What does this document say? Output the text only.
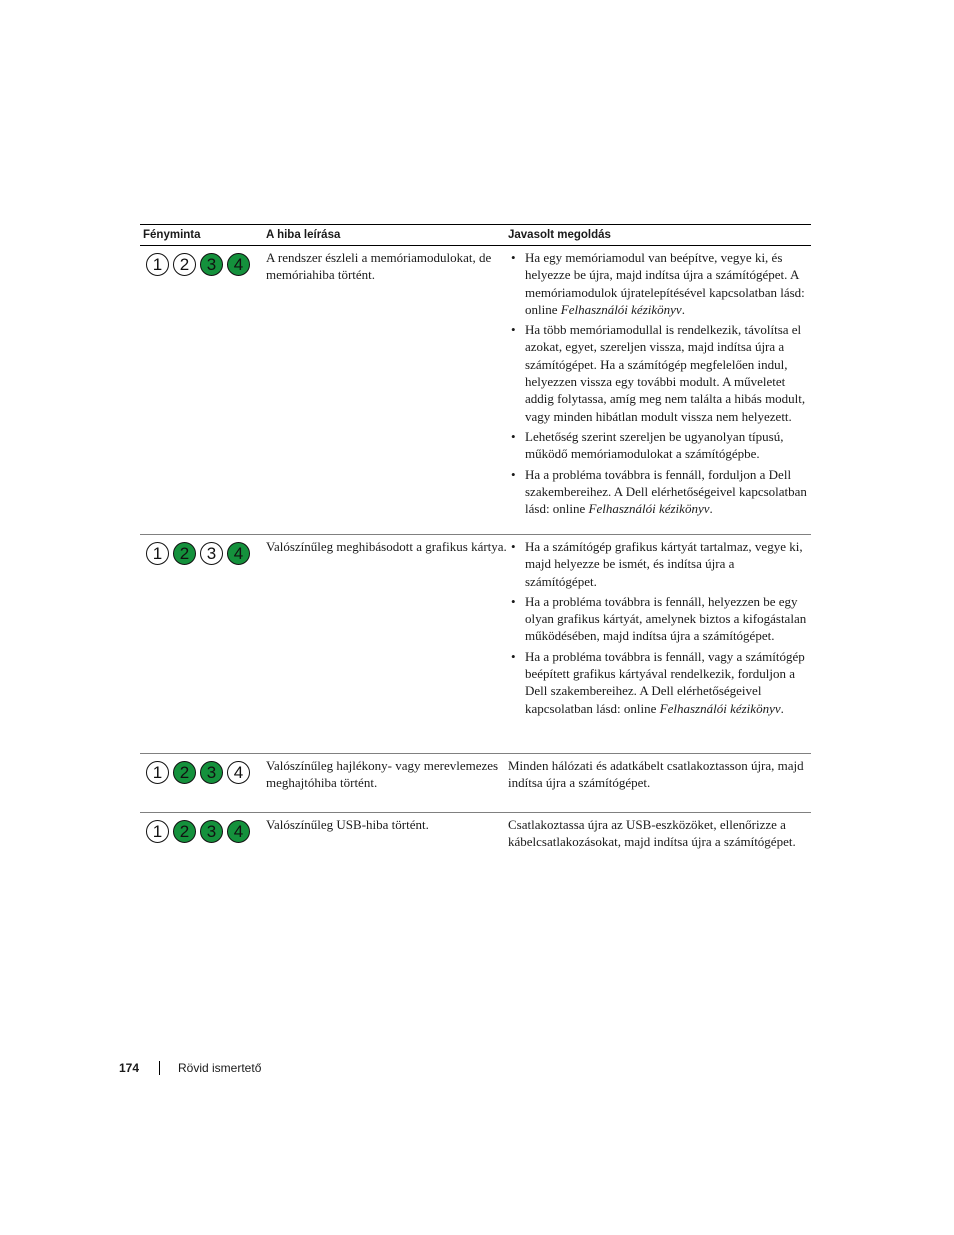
Fényminta	A hiba leírása	Javasolt megoldás
1	2	3	4	A rendszer észleli a memóriamodulokat, de memóriahiba történt.
• Ha egy memóriamodul van beépítve, vegye ki, és helyezze be újra, majd indítsa újra a számítógépet. A memóriamodulok újratelepítésével kapcsolatban lásd: online Felhasználói kézikönyv.
• Ha több memóriamodullal is rendelkezik, távolítsa el azokat, egyet, szereljen vissza, majd indítsa újra a számítógépet. Ha a számítógép megfelelően indul, helyezzen vissza egy további modult. A műveletet addig folytassa, amíg meg nem találta a hibás modult, vagy minden hibátlan modult vissza nem helyezett.
• Lehetőség szerint szereljen be ugyanolyan típusú, működő memóriamodulokat a számítógépbe.
• Ha a probléma továbbra is fennáll, forduljon a Dell szakembereihez. A Dell elérhetőségeivel kapcsolatban lásd: online Felhasználói kézikönyv.
1	2	3	4	Valószínűleg meghibásodott a grafikus kártya.
•	Ha a számítógép grafikus kártyát tartalmaz, vegye ki, majd helyezze be ismét, és indítsa újra a számítógépet.
• Ha a probléma továbbra is fennáll, helyezzen be egy olyan grafikus kártyát, amelynek biztos a kifogástalan működésében, majd indítsa újra a számítógépet.
• Ha a probléma továbbra is fennáll, vagy a számítógép beépített grafikus kártyával rendelkezik, forduljon a Dell szakembereihez. A Dell elérhetőségeivel kapcsolatban lásd: online Felhasználói kézikönyv.
1	2	3	4	Valószínűleg hajlékony- vagy merevlemezes meghajtóhiba történt.
Minden hálózati és adatkábelt csatlakoztasson újra, majd indítsa újra a számítógépet.
1	2	3	4	Valószínűleg USB-hiba történt.	Csatlakoztassa újra az USB-eszközöket, ellenőrizze a kábelcsatlakozásokat, majd indítsa újra a számítógépet.
174	Rövid ismertető
